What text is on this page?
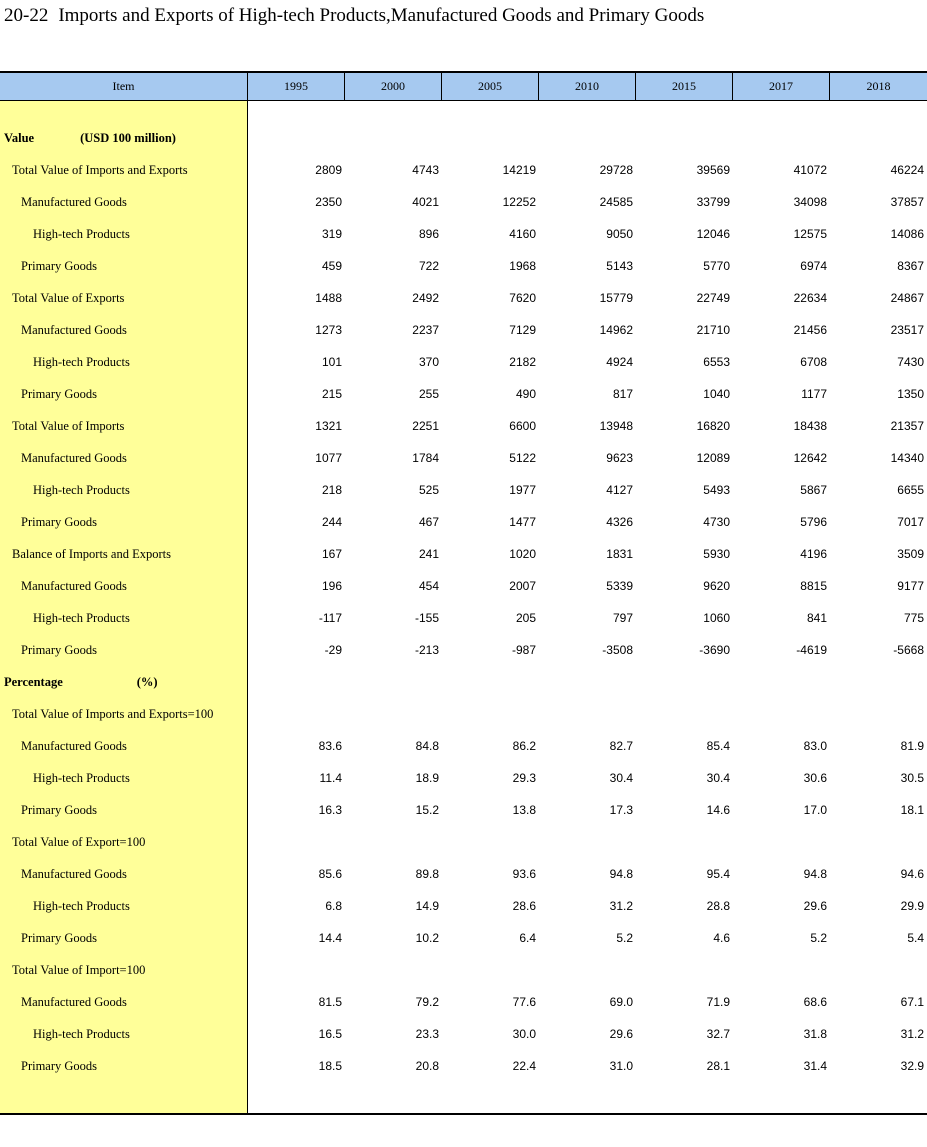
20-22 Imports and Exports of High-tech Products,Manufactured Goods and Primary Goods
Item	1995	2000	2005	2010	2015	2017	2018
Value	(USD 100 million)
Total Value of Imports and Exports	2809	4743	14219	29728	39569	41072	46224
Manufactured Goods	2350	4021	12252	24585	33799	34098	37857
High-tech Products	319	896	4160	9050	12046	12575	14086
Primary Goods	459	722	1968	5143	5770	6974	8367
Total Value of Exports	1488	2492	7620	15779	22749	22634	24867
Manufactured Goods	1273	2237	7129	14962	21710	21456	23517
High-tech Products	101	370	2182	4924	6553	6708	7430
Primary Goods	215	255	490	817	1040	1177	1350
Total Value of Imports	1321	2251	6600	13948	16820	18438	21357
Manufactured Goods	1077	1784	5122	9623	12089	12642	14340
High-tech Products	218	525	1977	4127	5493	5867	6655
Primary Goods	244	467	1477	4326	4730	5796	7017
Balance of Imports and Exports	167	241	1020	1831	5930	4196	3509
Manufactured Goods	196	454	2007	5339	9620	8815	9177
High-tech Products	-117	-155	205	797	1060	841	775
Primary Goods	-29	-213	-987	-3508	-3690	-4619	-5668
Percentage	(%)
Total Value of Imports and Exports=100
Manufactured Goods	83.6	84.8	86.2	82.7	85.4	83.0	81.9
High-tech Products	11.4	18.9	29.3	30.4	30.4	30.6	30.5
Primary Goods	16.3	15.2	13.8	17.3	14.6	17.0	18.1
Total Value of Export=100
Manufactured Goods	85.6	89.8	93.6	94.8	95.4	94.8	94.6
High-tech Products	6.8	14.9	28.6	31.2	28.8	29.6	29.9
Primary Goods	14.4	10.2	6.4	5.2	4.6	5.2	5.4
Total Value of Import=100
Manufactured Goods	81.5	79.2	77.6	69.0	71.9	68.6	67.1
High-tech Products	16.5	23.3	30.0	29.6	32.7	31.8	31.2
Primary Goods	18.5	20.8	22.4	31.0	28.1	31.4	32.9
